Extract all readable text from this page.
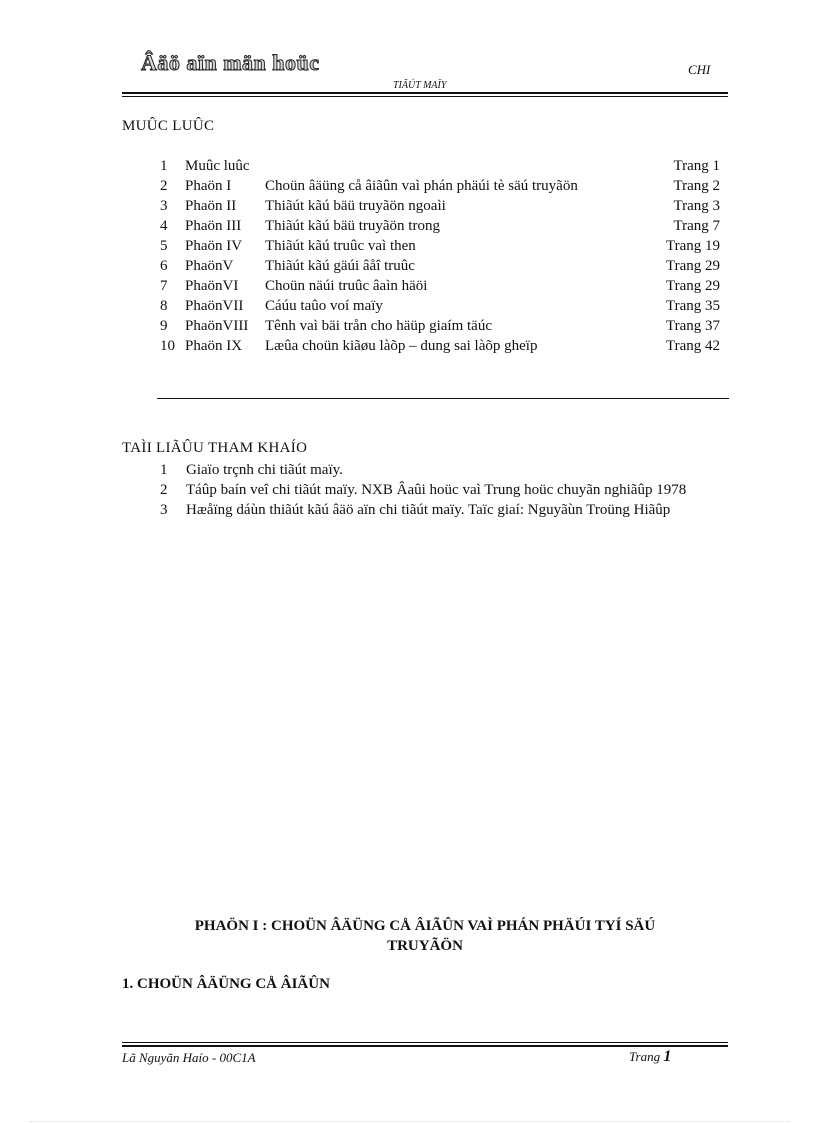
Âäö aïn män hoüc	CHI
TIÃÚT MAÏY
MUÛC LUÛC
1 Muûc luûc	Trang 1
2 Phaön I Choün âäüng cå âiãûn vaì phán phäúi tè säú truyãön	Trang 2
3 Phaön II Thiãút kãú bäü truyãön ngoaìi	Trang 3
4 Phaön III Thiãút kãú bäü truyãön trong	Trang 7
5 Phaön IV Thiãút kãú truûc vaì then	Trang 19
6 PhaönV Thiãút kãú gäúi âåî truûc	Trang 29
7 PhaönVI Choün näúi truûc âaìn häöi	Trang 29
8 PhaönVII Cáúu taûo voí maïy	Trang 35
9 PhaönVIII Tênh vaì bäi trån cho häüp giaím täúc	Trang 37
10 Phaön IX Læûa choün kiãøu làõp – dung sai làõp gheïp	Trang 42
TAÌI LIÃÛU THAM KHAÍO
1 Giaïo trçnh chi tiãút maïy.
2 Táûp baín veî chi tiãút maïy. NXB Âaûi hoüc vaì Trung hoüc chuyãn nghiãûp 1978
3 Hæåïng dáùn thiãút kãú âäö aïn chi tiãút maïy. Taïc giaí: Nguyãùn Troüng Hiãûp
PHAÖN I : CHOÜN ÂÄÜNG CÅ ÂIÃÛN VAÌ PHÁN PHÄÚI TYÍ SÄÚ
TRUYÃÖN
1. CHOÜN ÂÄÜNG CÅ ÂIÃÛN
Lã Nguyãn Haío - 00C1A	Trang 1
